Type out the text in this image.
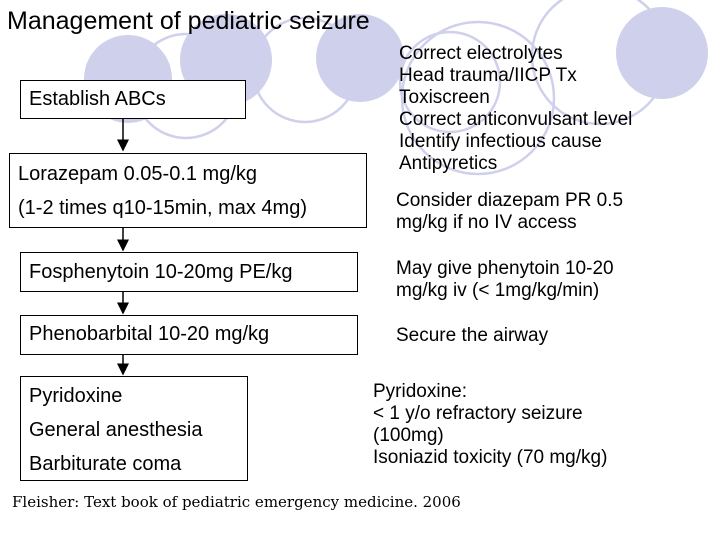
Management of pediatric seizure
Establish ABCs
Lorazepam 0.05-0.1 mg/kg
(1-2 times q10-15min, max 4mg)
Fosphenytoin 10-20mg PE/kg
Phenobarbital 10-20 mg/kg
Pyridoxine
General anesthesia
Barbiturate coma
Correct electrolytes
Head trauma/IICP Tx
Toxiscreen
Correct anticonvulsant level
Identify infectious cause
Antipyretics
Consider diazepam PR 0.5
mg/kg if no IV access
May give phenytoin 10-20
mg/kg iv (< 1mg/kg/min)
Secure the airway
Pyridoxine:
< 1 y/o refractory seizure
(100mg)
Isoniazid toxicity (70 mg/kg)
Fleisher: Text book of pediatric emergency medicine. 2006
